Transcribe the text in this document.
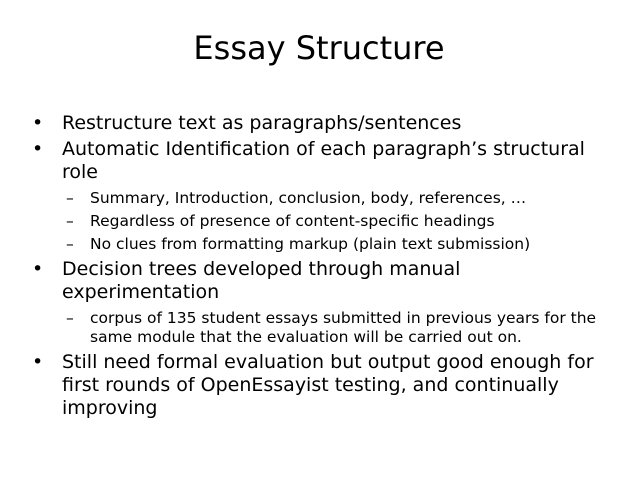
Essay Structure
• Restructure text as paragraphs/sentences
• Automatic Identification of each paragraph’s structural role
– Summary, Introduction, conclusion, body, references, …
– Regardless of presence of content-specific headings
– No clues from formatting markup (plain text submission)
• Decision trees developed through manual experimentation
– corpus of 135 student essays submitted in previous years for the same module that the evaluation will be carried out on.
• Still need formal evaluation but output good enough for first rounds of OpenEssayist testing, and continually improving
